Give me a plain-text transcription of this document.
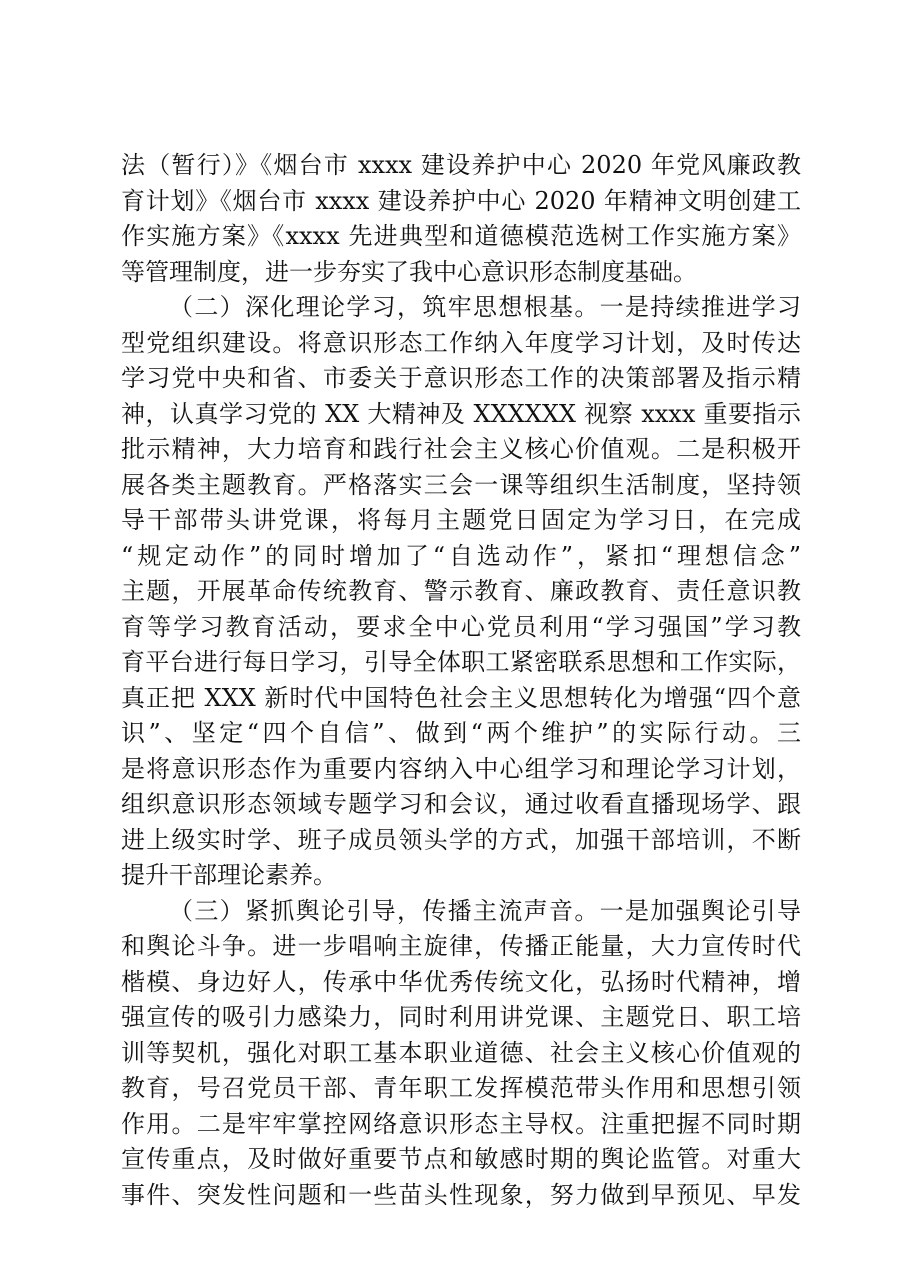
法（暂行）》《烟台市 xxxx 建设养护中心 2020 年党风廉政教
育计划》《烟台市 xxxx 建设养护中心 2020 年精神文明创建工
作实施方案》《xxxx 先进典型和道德模范选树工作实施方案》
等管理制度，进一步夯实了我中心意识形态制度基础。
（二）深化理论学习，筑牢思想根基。一是持续推进学习
型党组织建设。将意识形态工作纳入年度学习计划，及时传达
学习党中央和省、市委关于意识形态工作的决策部署及指示精
神，认真学习党的 XX 大精神及 XXXXXX 视察 xxxx 重要指示
批示精神，大力培育和践行社会主义核心价值观。二是积极开
展各类主题教育。严格落实三会一课等组织生活制度，坚持领
导干部带头讲党课，将每月主题党日固定为学习日，在完成
“规定动作”的同时增加了“自选动作”，紧扣“理想信念”
主题，开展革命传统教育、警示教育、廉政教育、责任意识教
育等学习教育活动，要求全中心党员利用“学习强国”学习教
育平台进行每日学习，引导全体职工紧密联系思想和工作实际，
真正把 XXX 新时代中国特色社会主义思想转化为增强“四个意
识”、坚定“四个自信”、做到“两个维护”的实际行动。三
是将意识形态作为重要内容纳入中心组学习和理论学习计划，
组织意识形态领域专题学习和会议，通过收看直播现场学、跟
进上级实时学、班子成员领头学的方式，加强干部培训，不断
提升干部理论素养。
（三）紧抓舆论引导，传播主流声音。一是加强舆论引导
和舆论斗争。进一步唱响主旋律，传播正能量，大力宣传时代
楷模、身边好人，传承中华优秀传统文化，弘扬时代精神，增
强宣传的吸引力感染力，同时利用讲党课、主题党日、职工培
训等契机，强化对职工基本职业道德、社会主义核心价值观的
教育，号召党员干部、青年职工发挥模范带头作用和思想引领
作用。二是牢牢掌控网络意识形态主导权。注重把握不同时期
宣传重点，及时做好重要节点和敏感时期的舆论监管。对重大
事件、突发性问题和一些苗头性现象，努力做到早预见、早发
